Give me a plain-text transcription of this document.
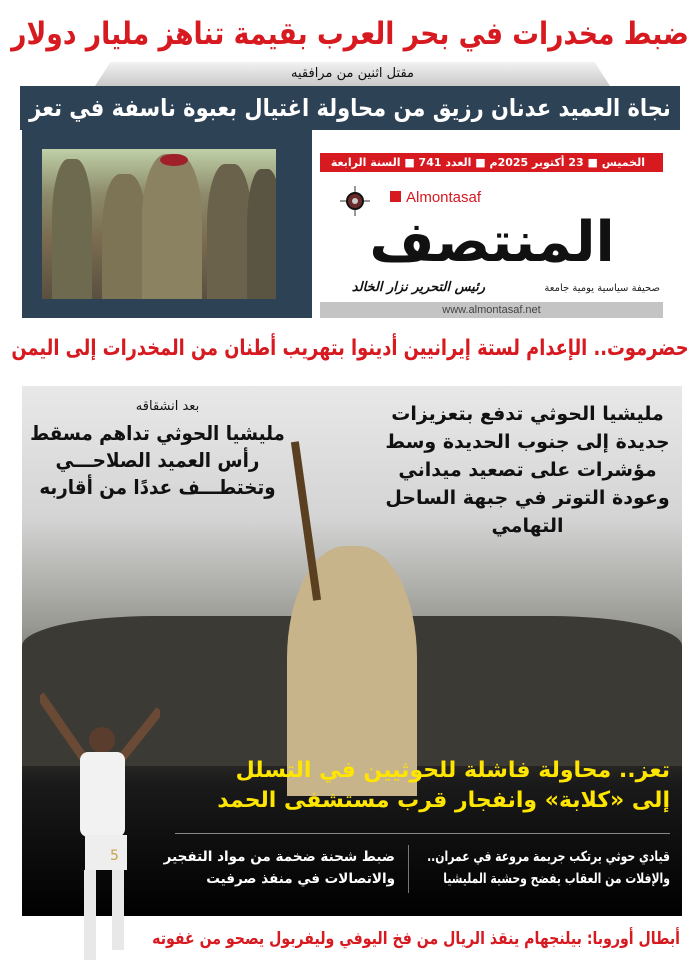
ضبط مخدرات في بحر العرب بقيمة تناهز مليار دولار
مقتل اثنين من مرافقيه
نجاة العميد عدنان رزيق من محاولة اغتيال بعبوة ناسفة في تعز
الخميس ■ 23 أكتوبر 2025م ■ العدد 741 ■ السنة الرابعة
المنتصف
Almontasaf
صحيفة سياسية يومية جامعة
رئيس التحرير نزار الخالد
www.almontasaf.net
حضرموت.. الإعدام لستة إيرانيين أدينوا بتهريب أطنان من المخدرات إلى اليمن
بعد انشقاقه
مليشيا الحوثي تداهم مسقط رأس العميد الصلاحـــي وتختطـــف عددًا من أقاربه
مليشيا الحوثي تدفع بتعزيزات جديدة إلى جنوب الحديدة وسط مؤشرات على تصعيد ميداني وعودة التوتر في جبهة الساحل التهامي
تعز.. محاولة فاشلة للحوثيين في التسلل إلى «كلابة» وانفجار قرب مستشفى الحمد
قيادي حوثي يرتكب جريمة مروعة في عمران.. والإفلات من العقاب يفضح وحشية المليشيا
ضبط شحنة ضخمة من مواد التفجير والاتصالات في منفذ صرفيت
5
أبطال أوروبا: بيلنجهام ينقذ الريال من فخ اليوفي وليفربول يصحو من غفوته
